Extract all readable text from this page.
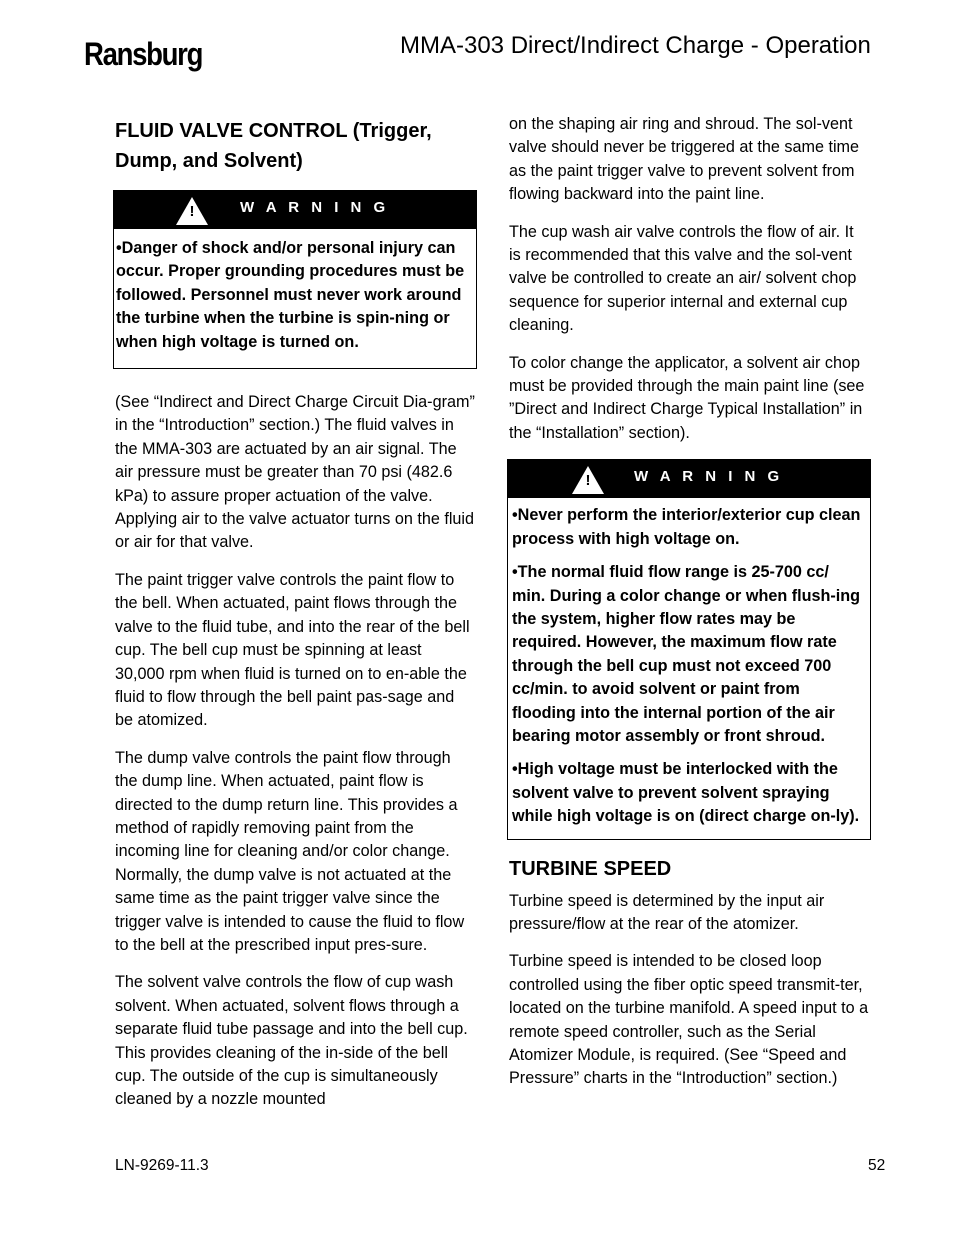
Ransburg	MMA-303 Direct/Indirect Charge - Operation
FLUID VALVE CONTROL (Trigger, Dump, and Solvent)
!	W A R N I N G

•Danger of shock and/or personal injury can occur. Proper grounding procedures must be followed. Personnel must never work around the turbine when the turbine is spin-ning or when high voltage is turned on.

(See “Indirect and Direct Charge Circuit Dia-gram” in the “Introduction” section.) The fluid valves in the MMA-303 are actuated by an air signal. The air pressure must be greater than 70 psi (482.6 kPa) to assure proper actuation of the valve. Applying air to the valve actuator turns on the fluid or air for that valve.

The paint trigger valve controls the paint flow to the bell. When actuated, paint flows through the valve to the fluid tube, and into the rear of the bell cup. The bell cup must be spinning at least 30,000 rpm when fluid is turned on to en-able the fluid to flow through the bell paint pas-sage and be atomized.

The dump valve controls the paint flow through the dump line. When actuated, paint flow is directed to the dump return line. This provides a method of rapidly removing paint from the incoming line for cleaning and/or color change. Normally, the dump valve is not actuated at the same time as the paint trigger valve since the trigger valve is intended to cause the fluid to flow to the bell at the prescribed input pres-sure.

The solvent valve controls the flow of cup wash solvent. When actuated, solvent flows through a separate fluid tube passage and into the bell cup. This provides cleaning of the in-side of the bell cup. The outside of the cup is simultaneously cleaned by a nozzle mounted

on the shaping air ring and shroud. The sol-vent valve should never be triggered at the same time as the paint trigger valve to prevent solvent from flowing backward into the paint line.

The cup wash air valve controls the flow of air. It is recommended that this valve and the sol-vent valve be controlled to create an air/ solvent chop sequence for superior internal and external cup cleaning.

To color change the applicator, a solvent air chop must be provided through the main paint line (see ”Direct and Indirect Charge Typical Installation” in the “Installation” section).

!	W A R N I N G

•Never perform the interior/exterior cup clean process with high voltage on.

•The normal fluid flow range is 25-700 cc/ min. During a color change or when flush-ing the system, higher flow rates may be required. However, the maximum flow rate through the bell cup must not exceed 700 cc/min. to avoid solvent or paint from flooding into the internal portion of the air bearing motor assembly or front shroud.

•High voltage must be interlocked with the solvent valve to prevent solvent spraying while high voltage is on (direct charge on-ly).

TURBINE SPEED

Turbine speed is determined by the input air pressure/flow at the rear of the atomizer.

Turbine speed is intended to be closed loop controlled using the fiber optic speed transmit-ter, located on the turbine manifold. A speed input to a remote speed controller, such as the Serial Atomizer Module, is required. (See “Speed and Pressure” charts in the “Introduction” section.)

LN-9269-11.3	52
